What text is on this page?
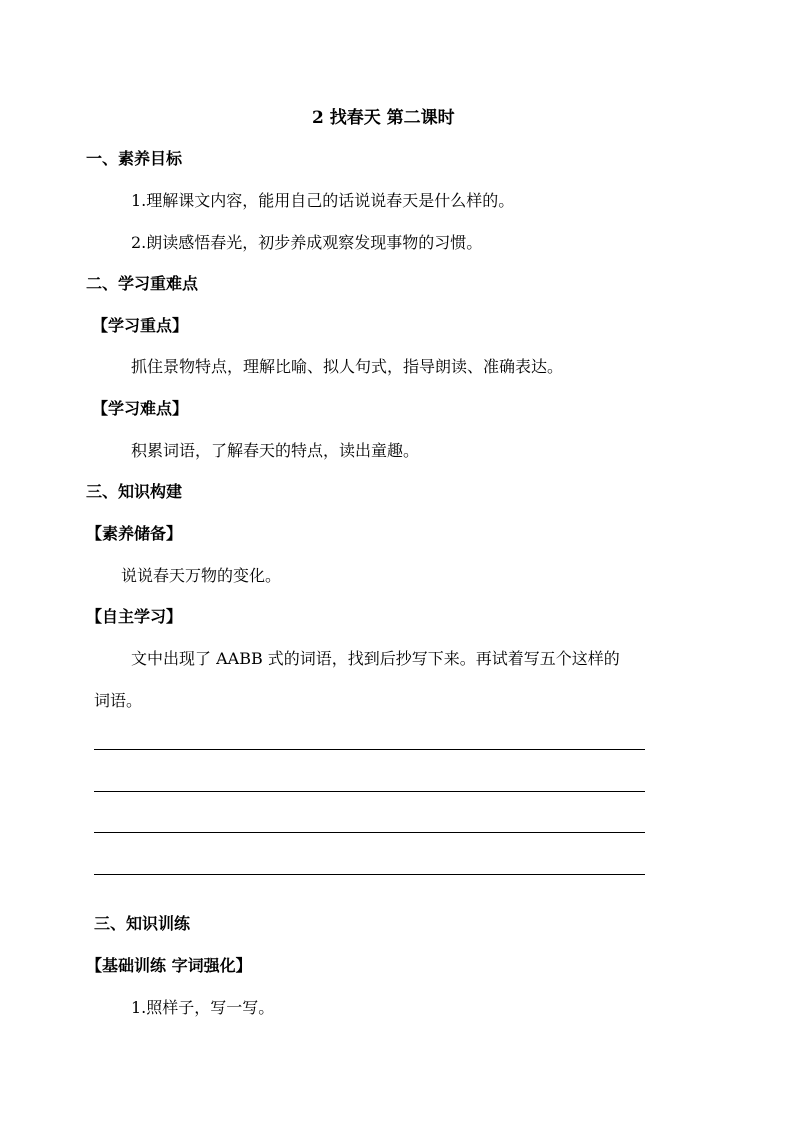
2 找春天 第二课时
一、素养目标
1.理解课文内容，能用自己的话说说春天是什么样的。
2.朗读感悟春光，初步养成观察发现事物的习惯。
二、学习重难点
【学习重点】
抓住景物特点，理解比喻、拟人句式，指导朗读、准确表达。
【学习难点】
积累词语，了解春天的特点，读出童趣。
三、知识构建
【素养储备】
说说春天万物的变化。
【自主学习】
文中出现了 AABB 式的词语，找到后抄写下来。再试着写五个这样的
词语。
三、知识训练
【基础训练 字词强化】
1.照样子，写一写。
